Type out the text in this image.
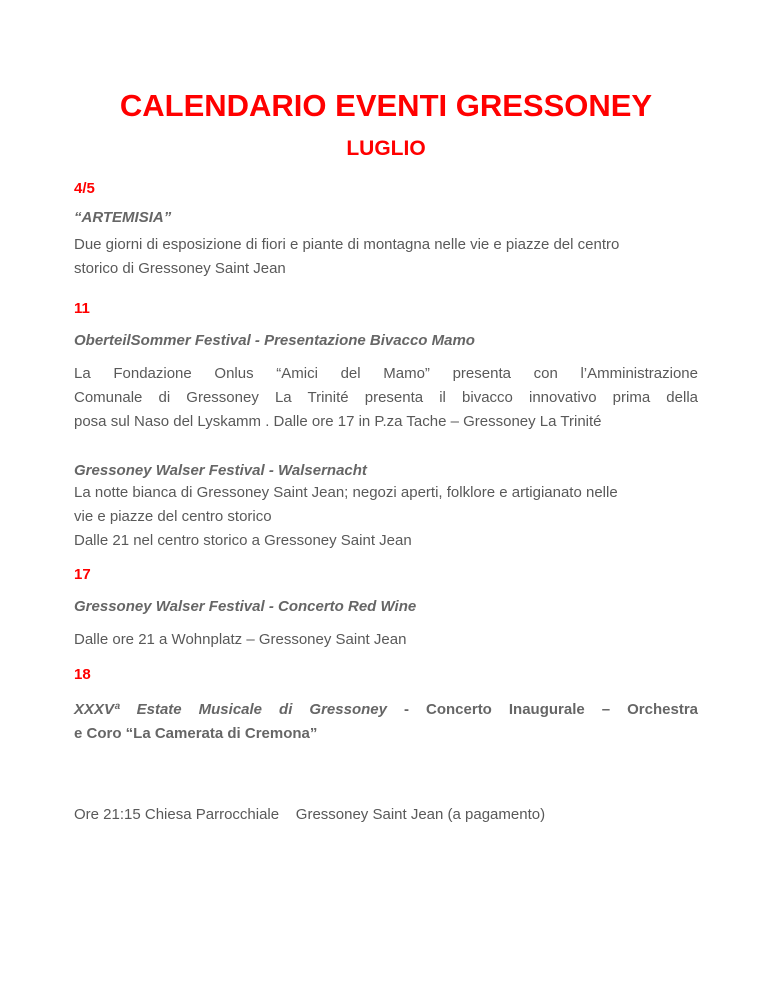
CALENDARIO EVENTI GRESSONEY
LUGLIO

4/5

“ARTEMISIA”

Due giorni di esposizione di fiori e piante di montagna nelle vie e piazze del centro
storico di Gressoney Saint Jean

11

OberteilSommer Festival - Presentazione Bivacco Mamo

La Fondazione Onlus “Amici del Mamo” presenta con l’Amministrazione
Comunale di Gressoney La Trinité presenta il bivacco innovativo prima della
posa sul Naso del Lyskamm . Dalle ore 17 in P.za Tache – Gressoney La Trinité

Gressoney Walser Festival - Walsernacht

La notte bianca di Gressoney Saint Jean; negozi aperti, folklore e artigianato nelle
vie e piazze del centro storico
Dalle 21 nel centro storico a Gressoney Saint Jean

17

Gressoney Walser Festival - Concerto Red Wine

Dalle ore 21 a Wohnplatz – Gressoney Saint Jean

18

XXXVª Estate Musicale di Gressoney - Concerto Inaugurale – Orchestra
e Coro “La Camerata di Cremona”

Ore 21:15 Chiesa Parrocchiale    Gressoney Saint Jean (a pagamento)
